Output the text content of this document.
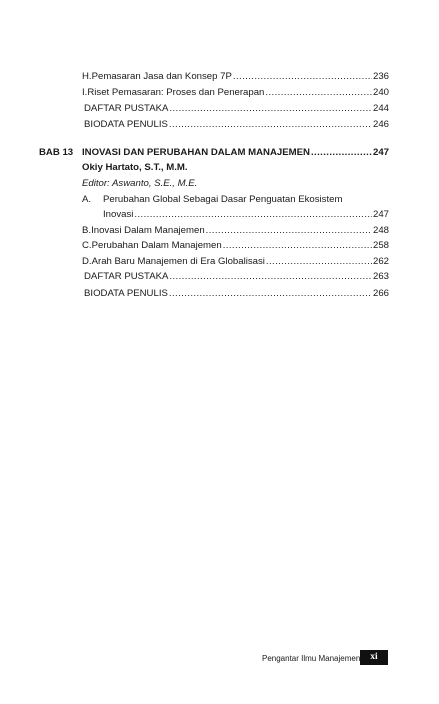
H. Pemasaran Jasa dan Konsep 7P .....	236
I. Riset Pemasaran: Proses dan Penerapan .....	240
DAFTAR PUSTAKA .....	244
BIODATA PENULIS .....	246
BAB 13 INOVASI DAN PERUBAHAN DALAM MANAJEMEN .....	247
Okiy Hartato, S.T., M.M.
Editor: Aswanto, S.E., M.E.
A. Perubahan Global Sebagai Dasar Penguatan Ekosistem
Inovasi .....	247
B. Inovasi Dalam Manajemen .....	248
C. Perubahan Dalam Manajemen .....	258
D. Arah Baru Manajemen di Era Globalisasi .....	262
DAFTAR PUSTAKA .....	263
BIODATA PENULIS .....	266
Pengantar Ilmu Manajemen	xi
